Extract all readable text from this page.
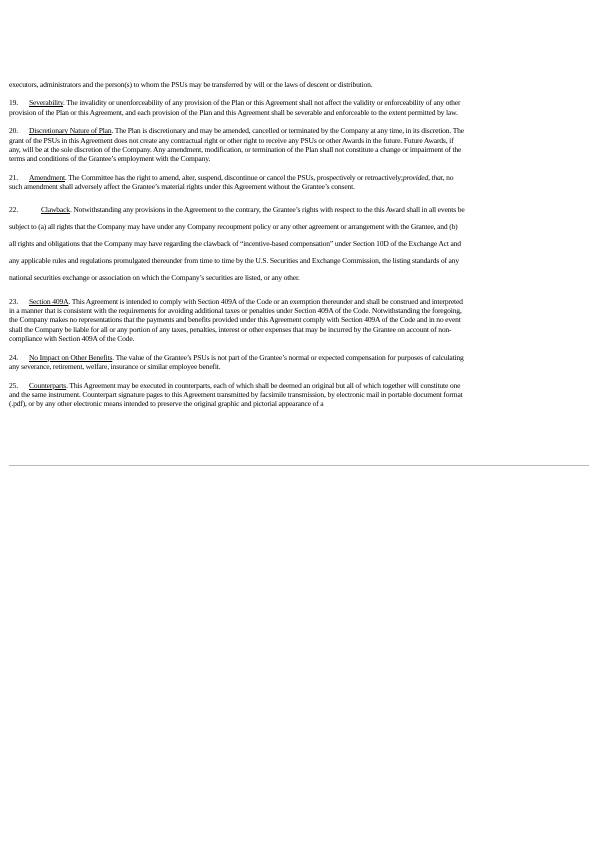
executors, administrators and the person(s) to whom the PSUs may be transferred by will or the laws of descent or distribution.

19. Severability. The invalidity or unenforceability of any provision of the Plan or this Agreement shall not affect the validity or enforceability of any other
provision of the Plan or this Agreement, and each provision of the Plan and this Agreement shall be severable and enforceable to the extent permitted by law.

20. Discretionary Nature of Plan. The Plan is discretionary and may be amended, cancelled or terminated by the Company at any time, in its discretion. The
grant of the PSUs in this Agreement does not create any contractual right or other right to receive any PSUs or other Awards in the future. Future Awards, if
any, will be at the sole discretion of the Company. Any amendment, modification, or termination of the Plan shall not constitute a change or impairment of the
terms and conditions of the Grantee’s employment with the Company.

21. Amendment. The Committee has the right to amend, alter, suspend, discontinue or cancel the PSUs, prospectively or retroactively;provided, that, no
such amendment shall adversely affect the Grantee’s material rights under this Agreement without the Grantee’s consent.

22.	Clawback. Notwithstanding any provisions in the Agreement to the contrary, the Grantee’s rights with respect to the this Award shall in all events be
subject to (a) all rights that the Company may have under any Company recoupment policy or any other agreement or arrangement with the Grantee, and (b)
all rights and obligations that the Company may have regarding the clawback of “incentive-based compensation” under Section 10D of the Exchange Act and
any applicable rules and regulations promulgated thereunder from time to time by the U.S. Securities and Exchange Commission, the listing standards of any
national securities exchange or association on which the Company’s securities are listed, or any other.

23. Section 409A. This Agreement is intended to comply with Section 409A of the Code or an exemption thereunder and shall be construed and interpreted
in a manner that is consistent with the requirements for avoiding additional taxes or penalties under Section 409A of the Code. Notwithstanding the foregoing,
the Company makes no representations that the payments and benefits provided under this Agreement comply with Section 409A of the Code and in no event
shall the Company be liable for all or any portion of any taxes, penalties, interest or other expenses that may be incurred by the Grantee on account of non-
compliance with Section 409A of the Code.

24. No Impact on Other Benefits. The value of the Grantee’s PSUs is not part of the Grantee’s normal or expected compensation for purposes of calculating
any severance, retirement, welfare, insurance or similar employee benefit.

25. Counterparts. This Agreement may be executed in counterparts, each of which shall be deemed an original but all of which together will constitute one
and the same instrument. Counterpart signature pages to this Agreement transmitted by facsimile transmission, by electronic mail in portable document format
(.pdf), or by any other electronic means intended to preserve the original graphic and pictorial appearance of a
